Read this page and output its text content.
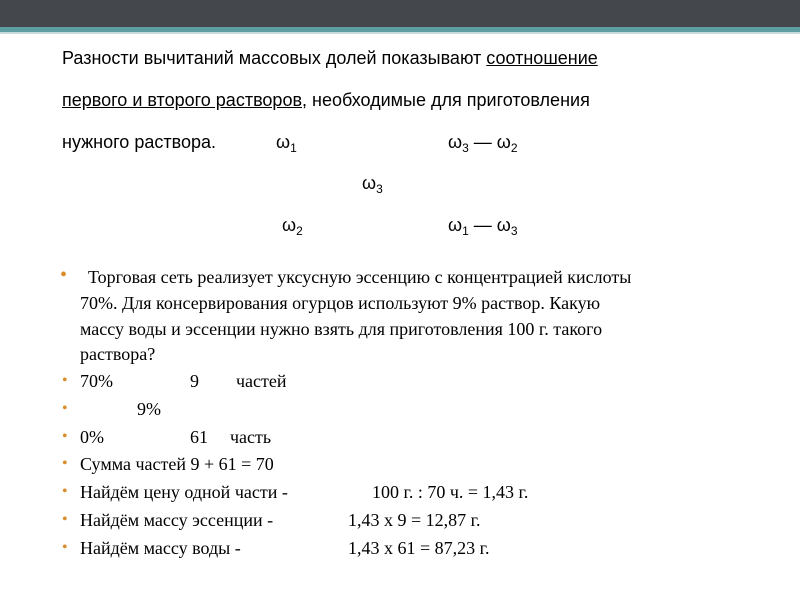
Разности вычитаний массовых долей показывают соотношение
первого и второго растворов, необходимые для приготовления
нужного раствора.	$\omega_1$	$\omega_3$ — $\omega_2$
$\omega_3$
$\omega_2$	$\omega_1$ — $\omega_3$
• Торговая сеть реализует уксусную эссенцию с концентрацией кислоты
70%. Для консервирования огурцов используют 9% раствор. Какую
массу воды и эссенции нужно взять для приготовления 100 г. такого
раствора?
• 70%	9 частей
•	9%
• 0%	61 часть
• Сумма частей 9 + 61 = 70
• Найдём цену одной части -	100 г. : 70 ч. = 1,43 г.
• Найдём массу эссенции -	1,43 х 9 = 12,87 г.
• Найдём массу воды -	1,43 х 61 = 87,23 г.
